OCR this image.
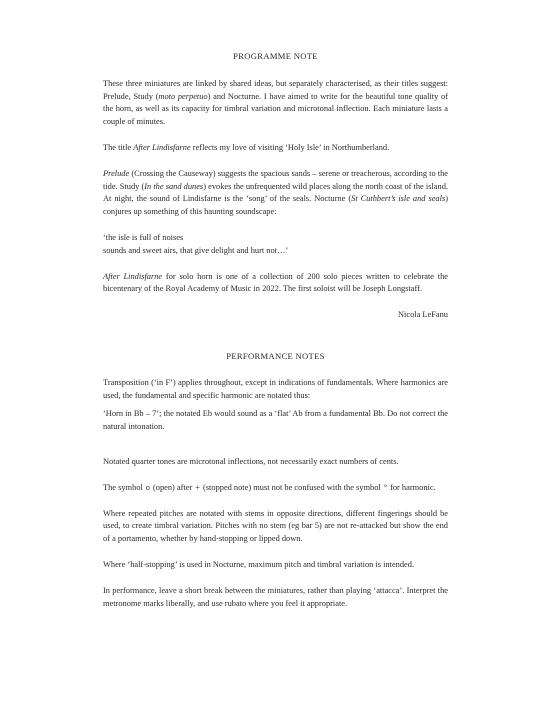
PROGRAMME NOTE

These three miniatures are linked by shared ideas, but separately characterised, as their titles suggest: Prelude, Study (moto perpetuo) and Nocturne. I have aimed to write for the beautiful tone quality of the horn, as well as its capacity for timbral variation and microtonal inflection. Each miniature lasts a couple of minutes.

The title After Lindisfarne reflects my love of visiting ‘Holy Isle’ in Northumberland.

Prelude (Crossing the Causeway) suggests the spacious sands – serene or treacherous, according to the tide. Study (In the sand dunes) evokes the unfrequented wild places along the north coast of the island. At night, the sound of Lindisfarne is the ‘song’ of the seals. Nocturne (St Cuthbert’s isle and seals) conjures up something of this haunting soundscape:

‘the isle is full of noises
sounds and sweet airs, that give delight and hurt not…’

After Lindisfarne for solo horn is one of a collection of 200 solo pieces written to celebrate the bicentenary of the Royal Academy of Music in 2022. The first soloist will be Joseph Longstaff.

Nicola LeFanu
PERFORMANCE NOTES

Transposition (‘in F’) applies throughout, except in indications of fundamentals. Where harmonics are used, the fundamental and specific harmonic are notated thus:

‘Horn in Bb – 7’; the notated Eb would sound as a ‘flat’ Ab from a fundamental Bb. Do not correct the natural intonation.

Notated quarter tones are microtonal inflections, not necessarily exact numbers of cents.

The symbol o (open) after + (stopped note) must not be confused with the symbol ° for harmonic.

Where repeated pitches are notated with stems in opposite directions, different fingerings should be used, to create timbral variation. Pitches with no stem (eg bar 5) are not re-attacked but show the end of a portamento, whether by hand-stopping or lipped down.

Where ‘half-stopping’ is used in Nocturne, maximum pitch and timbral variation is intended.

In performance, leave a short break between the miniatures, rather than playing ‘attacca’. Interpret the metronome marks liberally, and use rubato where you feel it appropriate.
